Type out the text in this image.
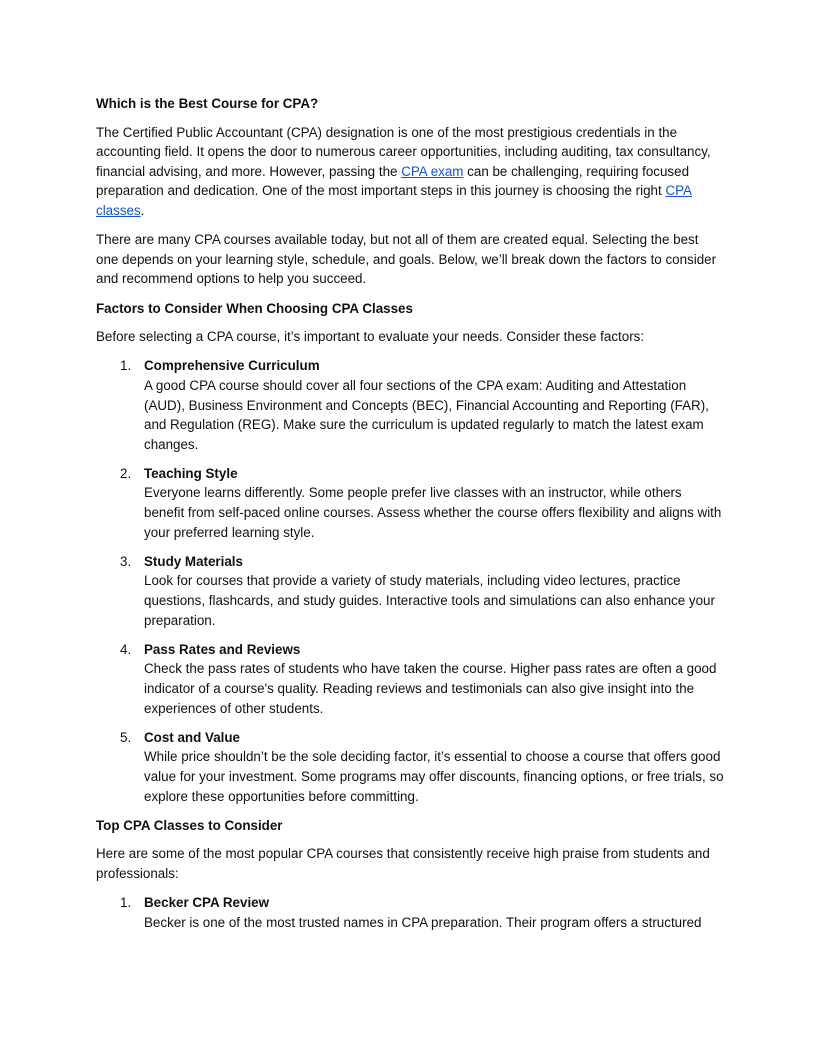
Which is the Best Course for CPA?

The Certified Public Accountant (CPA) designation is one of the most prestigious credentials in the accounting field. It opens the door to numerous career opportunities, including auditing, tax consultancy, financial advising, and more. However, passing the CPA exam can be challenging, requiring focused preparation and dedication. One of the most important steps in this journey is choosing the right CPA classes.

There are many CPA courses available today, but not all of them are created equal. Selecting the best one depends on your learning style, schedule, and goals. Below, we’ll break down the factors to consider and recommend options to help you succeed.

Factors to Consider When Choosing CPA Classes

Before selecting a CPA course, it’s important to evaluate your needs. Consider these factors:

1. Comprehensive Curriculum
A good CPA course should cover all four sections of the CPA exam: Auditing and Attestation (AUD), Business Environment and Concepts (BEC), Financial Accounting and Reporting (FAR), and Regulation (REG). Make sure the curriculum is updated regularly to match the latest exam changes.
2. Teaching Style
Everyone learns differently. Some people prefer live classes with an instructor, while others benefit from self-paced online courses. Assess whether the course offers flexibility and aligns with your preferred learning style.
3. Study Materials
Look for courses that provide a variety of study materials, including video lectures, practice questions, flashcards, and study guides. Interactive tools and simulations can also enhance your preparation.
4. Pass Rates and Reviews
Check the pass rates of students who have taken the course. Higher pass rates are often a good indicator of a course's quality. Reading reviews and testimonials can also give insight into the experiences of other students.
5. Cost and Value
While price shouldn’t be the sole deciding factor, it’s essential to choose a course that offers good value for your investment. Some programs may offer discounts, financing options, or free trials, so explore these opportunities before committing.
Top CPA Classes to Consider

Here are some of the most popular CPA courses that consistently receive high praise from students and professionals:

1. Becker CPA Review
Becker is one of the most trusted names in CPA preparation. Their program offers a structured
